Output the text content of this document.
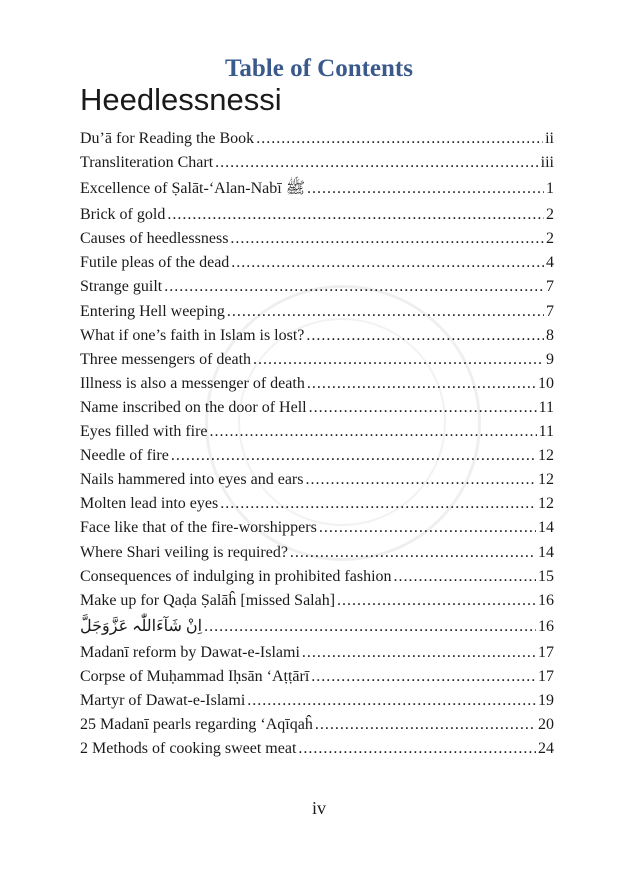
Table of Contents
Heedlessnessi
Du’ā for Reading the Book .....	ii
Transliteration Chart .....	iii
Excellence of Ṣalāt-‘Alan-Nabī ﷺ .....	1
Brick of gold .....	2
Causes of heedlessness .....	2
Futile pleas of the dead .....	4
Strange guilt .....	7
Entering Hell weeping .....	7
What if one’s faith in Islam is lost? .....	8
Three messengers of death .....	9
Illness is also a messenger of death .....	10
Name inscribed on the door of Hell .....	11
Eyes filled with fire .....	11
Needle of fire .....	12
Nails hammered into eyes and ears .....	12
Molten lead into eyes .....	12
Face like that of the fire-worshippers .....	14
Where Shari veiling is required? .....	14
Consequences of indulging in prohibited fashion .....	15
Make up for Qaḍa Ṣalāĥ [missed Salah] .....	16
اِنْ شَآءَاللّٰہ عَزَّوَجَلَّ .....	16
Madanī reform by Dawat-e-Islami .....	17
Corpse of Muḥammad Iḥsān ‘Aṭṭārī .....	17
Martyr of Dawat-e-Islami .....	19
25 Madanī pearls regarding ‘Aqīqaĥ .....	20
2 Methods of cooking sweet meat .....	24
iv
